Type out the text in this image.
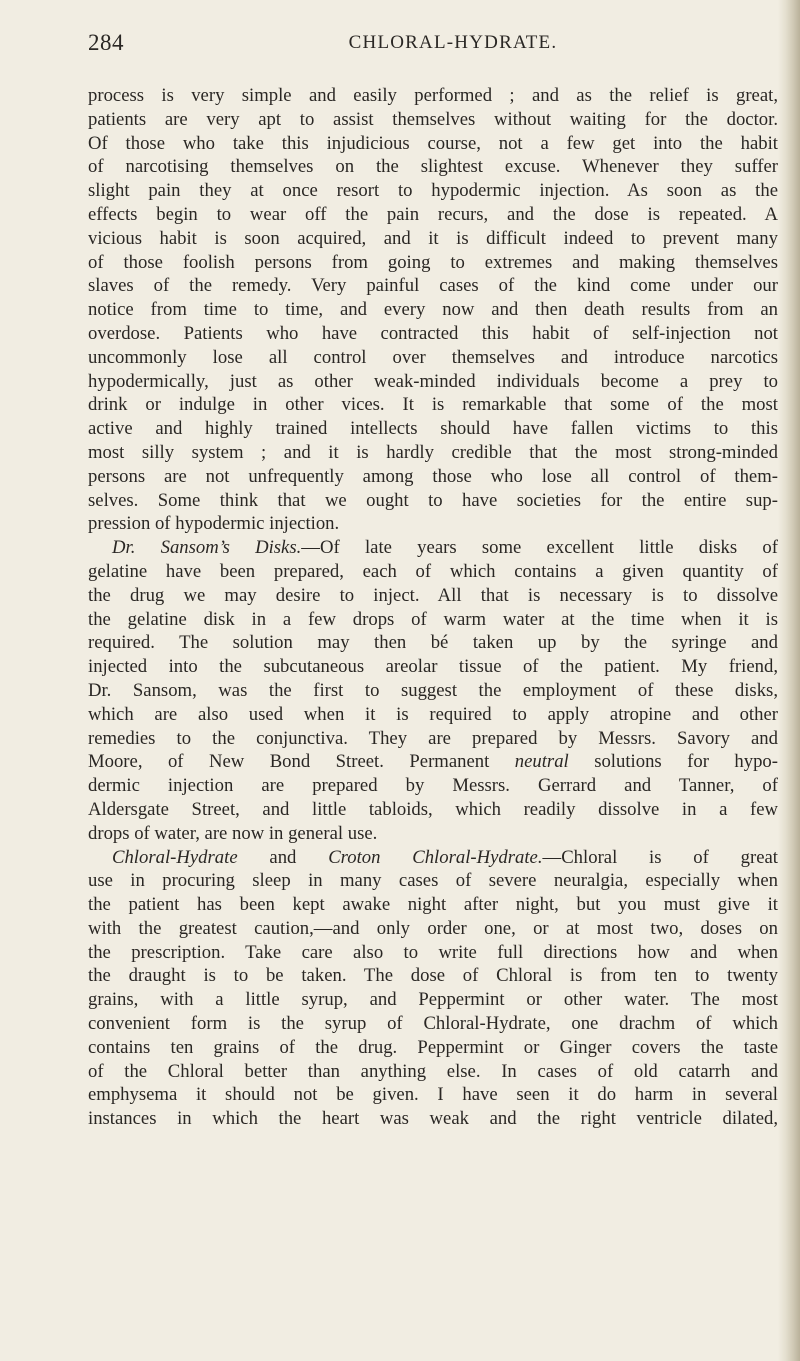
284	CHLORAL-HYDRATE.
process is very simple and easily performed ; and as the relief is great,
patients are very apt to assist themselves without waiting for the doctor.
Of those who take this injudicious course, not a few get into the habit
of narcotising themselves on the slightest excuse. Whenever they suffer
slight pain they at once resort to hypodermic injection. As soon as the
effects begin to wear off the pain recurs, and the dose is repeated. A
vicious habit is soon acquired, and it is difficult indeed to prevent many
of those foolish persons from going to extremes and making themselves
slaves of the remedy. Very painful cases of the kind come under our
notice from time to time, and every now and then death results from an
overdose. Patients who have contracted this habit of self-injection not
uncommonly lose all control over themselves and introduce narcotics
hypodermically, just as other weak-minded individuals become a prey to
drink or indulge in other vices. It is remarkable that some of the most
active and highly trained intellects should have fallen victims to this
most silly system ; and it is hardly credible that the most strong-minded
persons are not unfrequently among those who lose all control of them-
selves. Some think that we ought to have societies for the entire sup-
pression of hypodermic injection.
Dr. Sansom’s Disks.—Of late years some excellent little disks of
gelatine have been prepared, each of which contains a given quantity of
the drug we may desire to inject. All that is necessary is to dissolve
the gelatine disk in a few drops of warm water at the time when it is
required. The solution may then bé taken up by the syringe and
injected into the subcutaneous areolar tissue of the patient. My friend,
Dr. Sansom, was the first to suggest the employment of these disks,
which are also used when it is required to apply atropine and other
remedies to the conjunctiva. They are prepared by Messrs. Savory and
Moore, of New Bond Street. Permanent neutral solutions for hypo-
dermic injection are prepared by Messrs. Gerrard and Tanner, of
Aldersgate Street, and little tabloids, which readily dissolve in a few
drops of water, are now in general use.
Chloral-Hydrate and Croton Chloral-Hydrate.—Chloral is of great
use in procuring sleep in many cases of severe neuralgia, especially when
the patient has been kept awake night after night, but you must give it
with the greatest caution,—and only order one, or at most two, doses on
the prescription. Take care also to write full directions how and when
the draught is to be taken. The dose of Chloral is from ten to twenty
grains, with a little syrup, and Peppermint or other water. The most
convenient form is the syrup of Chloral-Hydrate, one drachm of which
contains ten grains of the drug. Peppermint or Ginger covers the taste
of the Chloral better than anything else. In cases of old catarrh and
emphysema it should not be given. I have seen it do harm in several
instances in which the heart was weak and the right ventricle dilated,
